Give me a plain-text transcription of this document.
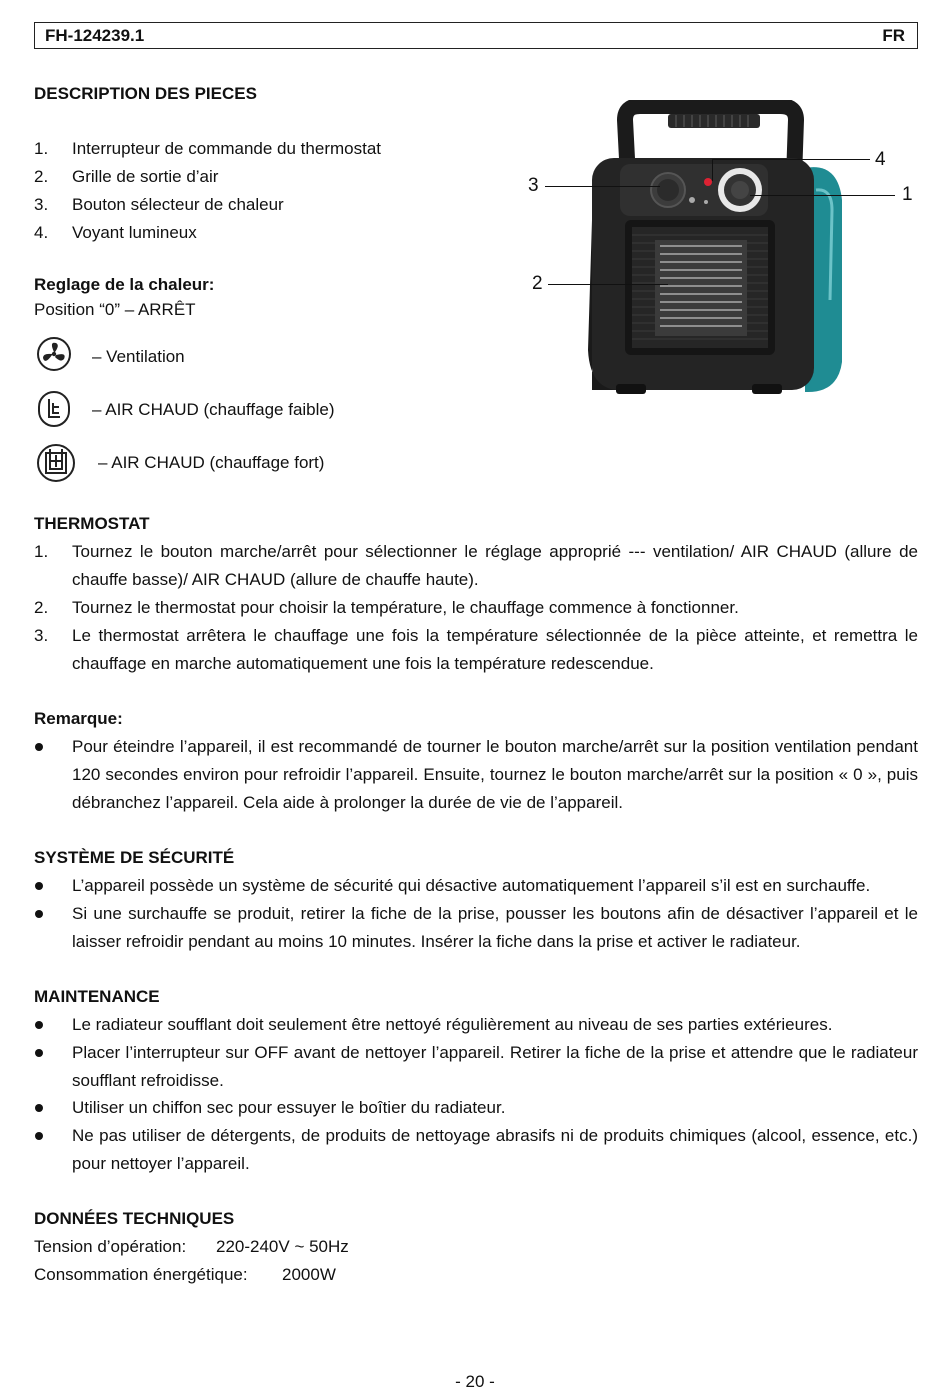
FH-124239.1	FR
DESCRIPTION DES PIECES
1.	Interrupteur de commande du thermostat
2.	Grille de sortie d’air
3.	Bouton sélecteur de chaleur
4.	Voyant lumineux
4
3	1
2
Reglage de la chaleur:
Position “0” – ARRÊT
– Ventilation
– AIR CHAUD (chauffage faible)
– AIR CHAUD (chauffage fort)
THERMOSTAT
1.	Tournez le bouton marche/arrêt pour sélectionner le réglage approprié --- ventilation/ AIR CHAUD (allure de chauffe basse)/ AIR CHAUD (allure de chauffe haute).
2.	Tournez le thermostat pour choisir la température, le chauffage commence à fonctionner.
3.	Le thermostat arrêtera le chauffage une fois la température sélectionnée de la pièce atteinte, et remettra le chauffage en marche automatiquement une fois la température redescendue.
Remarque:
Pour éteindre l’appareil, il est recommandé de tourner le bouton marche/arrêt sur la position ventilation pendant 120 secondes environ pour refroidir l’appareil. Ensuite, tournez le bouton marche/arrêt sur la position « 0 », puis débranchez l’appareil. Cela aide à prolonger la durée de vie de l’appareil.
SYSTÈME DE SÉCURITÉ
L’appareil possède un système de sécurité qui désactive automatiquement l’appareil s’il est en surchauffe.
Si une surchauffe se produit, retirer la fiche de la prise, pousser les boutons afin de désactiver l’appareil et le laisser refroidir pendant au moins 10 minutes. Insérer la fiche dans la prise et activer le radiateur.
MAINTENANCE
Le radiateur soufflant doit seulement être nettoyé régulièrement au niveau de ses parties extérieures.
Placer l’interrupteur sur OFF avant de nettoyer l’appareil. Retirer la fiche de la prise et attendre que le radiateur soufflant refroidisse.
Utiliser un chiffon sec pour essuyer le boîtier du radiateur.
Ne pas utiliser de détergents, de produits de nettoyage abrasifs ni de produits chimiques (alcool, essence, etc.) pour nettoyer l’appareil.
DONNÉES TECHNIQUES
Tension d’opération: 220-240V ~ 50Hz
Consommation énergétique: 2000W
- 20 -
